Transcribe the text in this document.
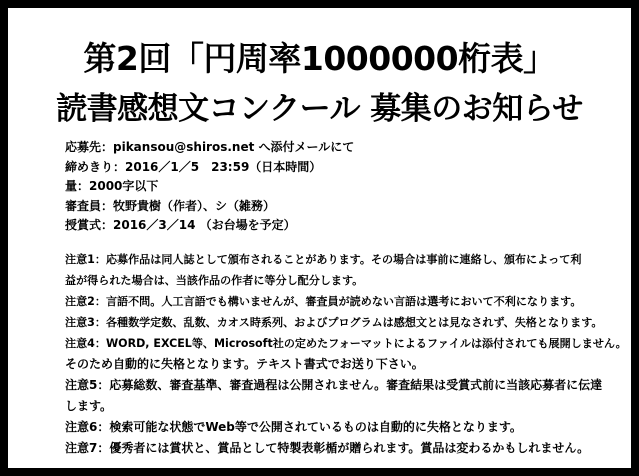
第2回「円周率1000000桁表」
読書感想文コンクール 募集のお知らせ
応募先：pikansou@shiros.net へ添付メールにて
締めきり：2016／1／5　23:59（日本時間）
量：2000字以下
審査員：牧野貴樹（作者）、シ（雑務）
授賞式：2016／3／14 （お台場を予定）
注意1：応募作品は同人誌として頒布されることがあります。その場合は事前に連絡し、頒布によって利
益が得られた場合は、当該作品の作者に等分し配分します。
注意2：言語不問。人工言語でも構いませんが、審査員が読めない言語は選考において不利になります。
注意3：各種数学定数、乱数、カオス時系列、およびプログラムは感想文とは見なされず、失格となります。
注意4：WORD, EXCEL等、Microsoft社の定めたフォーマットによるファイルは添付されても展開しません。
そのため自動的に失格となります。テキスト書式でお送り下さい。
注意5：応募総数、審査基準、審査過程は公開されません。審査結果は受賞式前に当該応募者に伝達
します。
注意6：検索可能な状態でWeb等で公開されているものは自動的に失格となります。
注意7：優秀者には賞状と、賞品として特製表彰楯が贈られます。賞品は変わるかもしれません。
